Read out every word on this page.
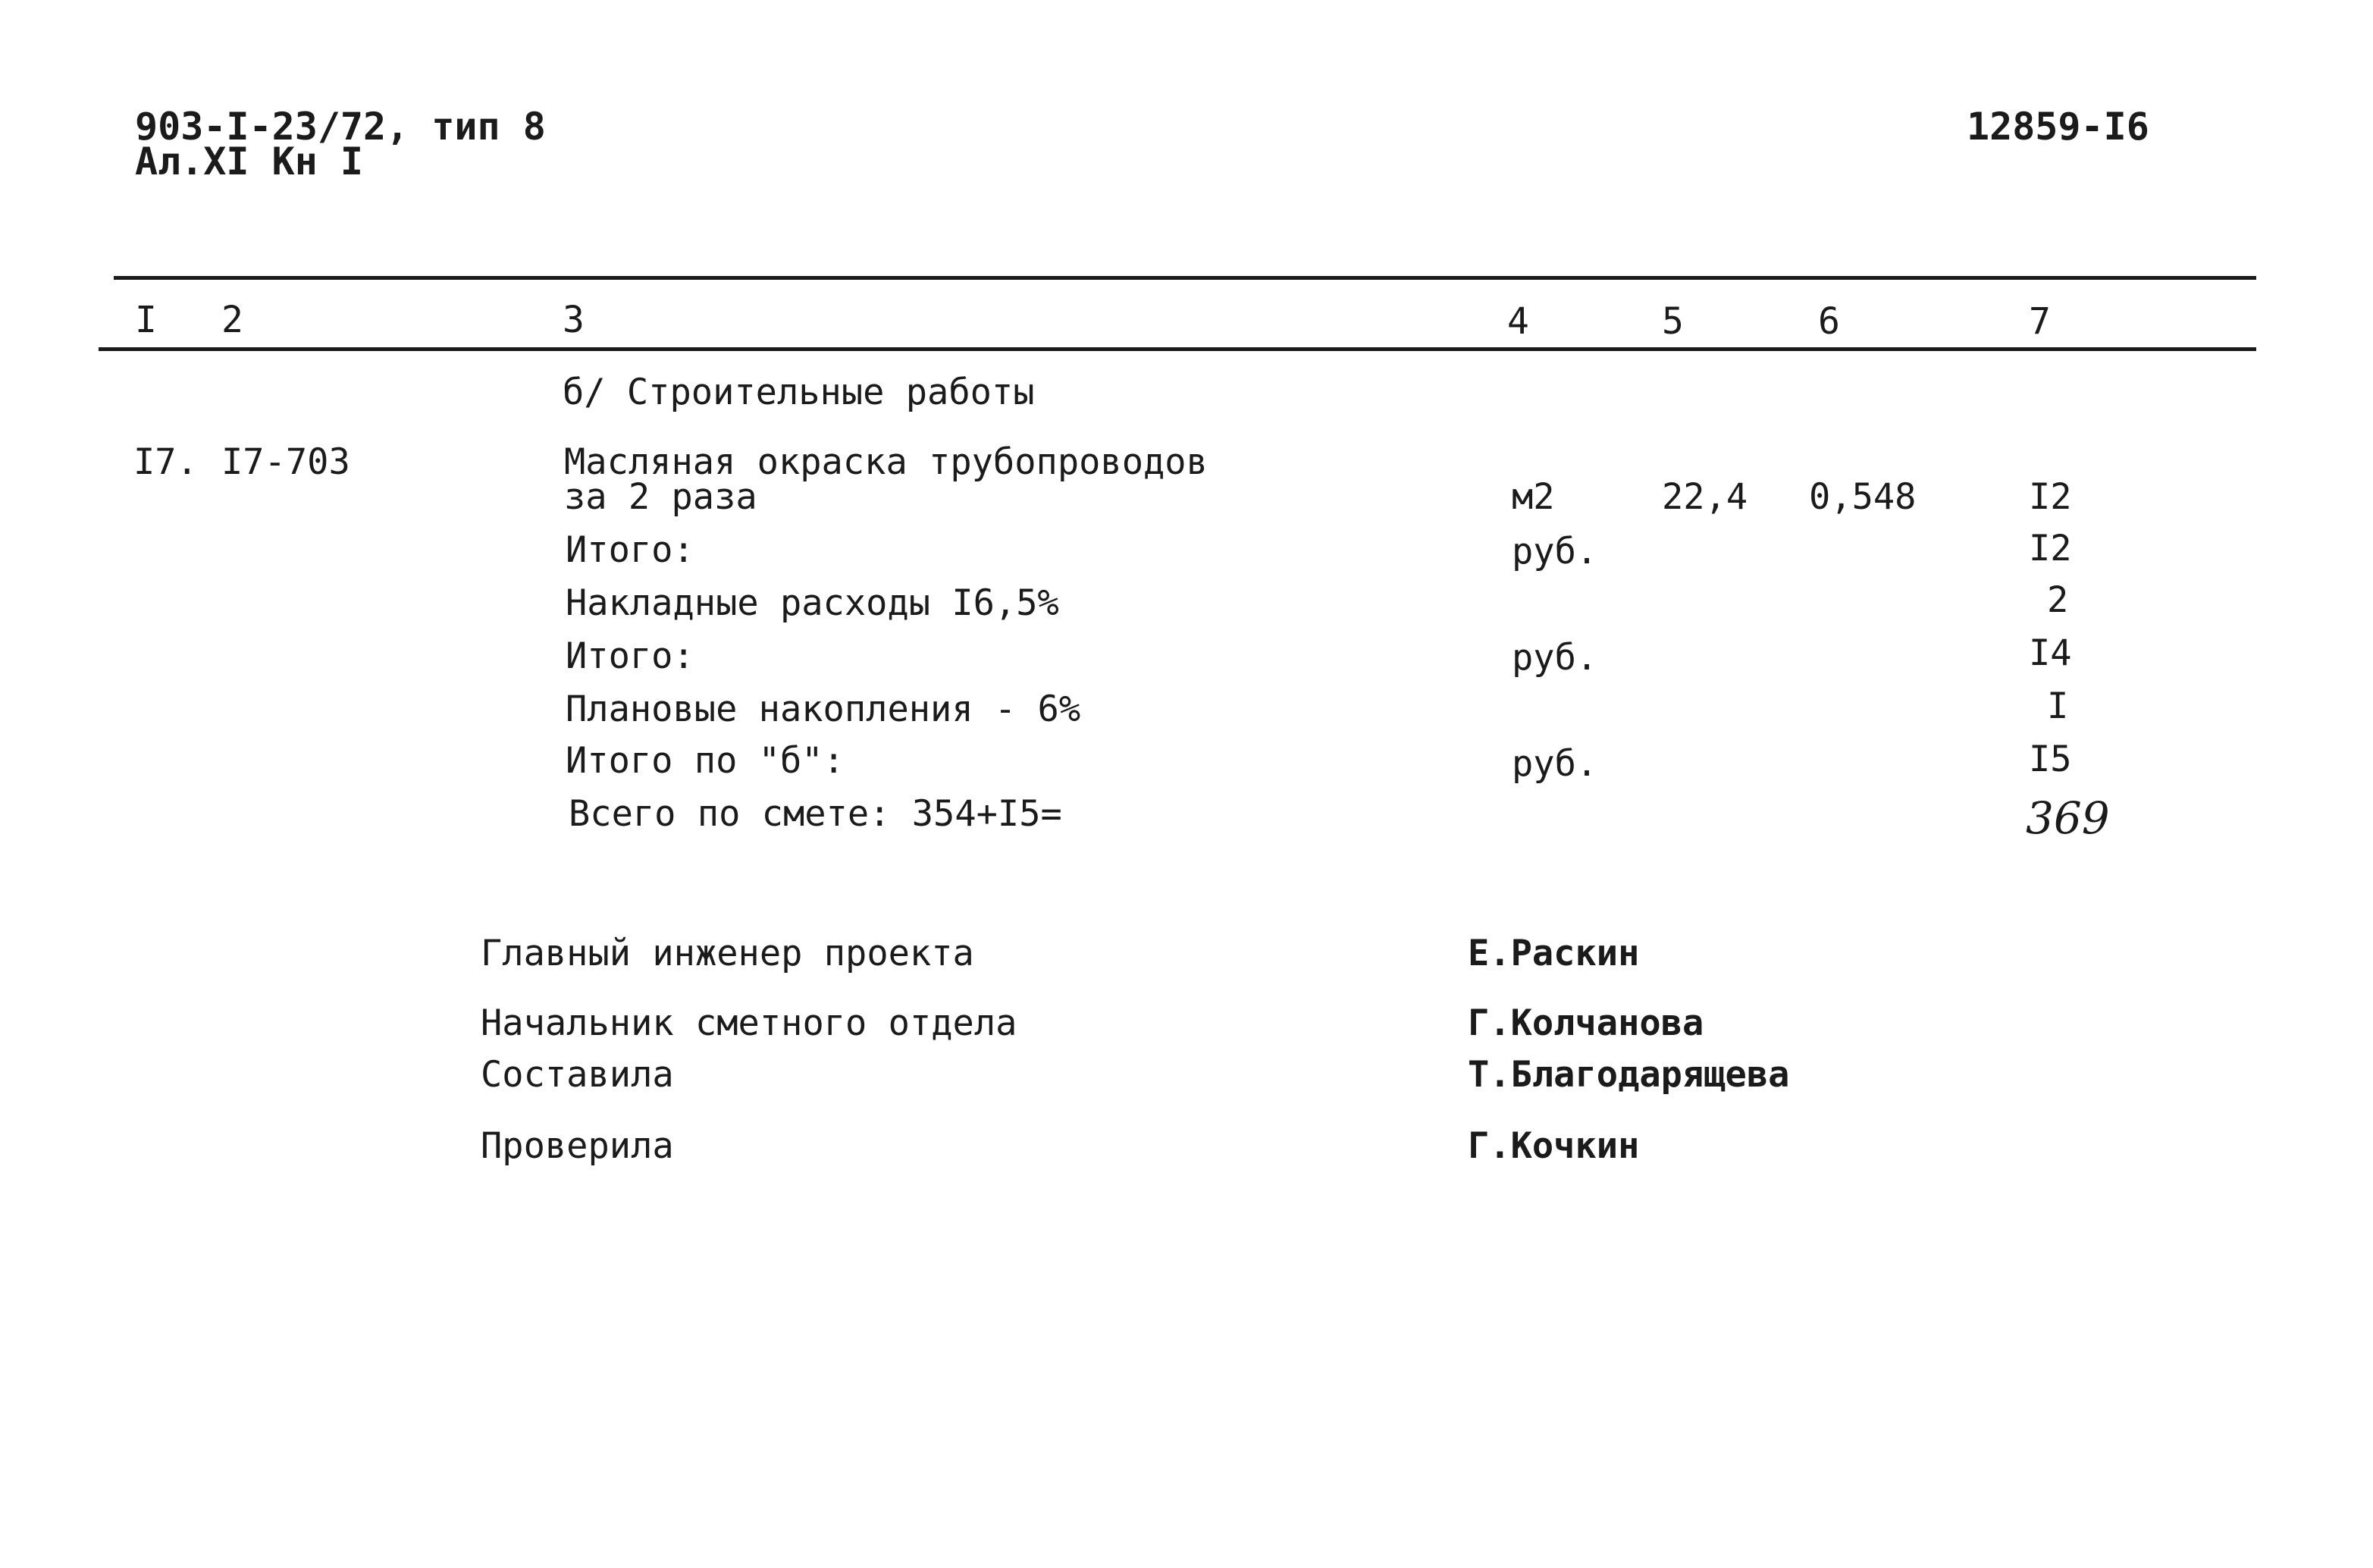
903-I-23/72, тип 8
Ал.XI Кн I
12859-I6
I 2	3	4	5	6	7
б/ Строительные работы
I7. I7-703	Масляная окраска трубопроводов
за 2 раза	м2	22,4 0,548	I2
Итого:	руб.	I2
Накладные расходы I6,5%	2
Итого:	руб.	I4
Плановые накопления - 6%	I
Итого по "б":	руб.	I5
Всего по смете: 354+I5=	369
Главный инженер проекта	Е.Раскин
Начальник сметного отдела	Г.Колчанова
Составила	Т.Благодарящева
Проверила	Г.Кочкин
